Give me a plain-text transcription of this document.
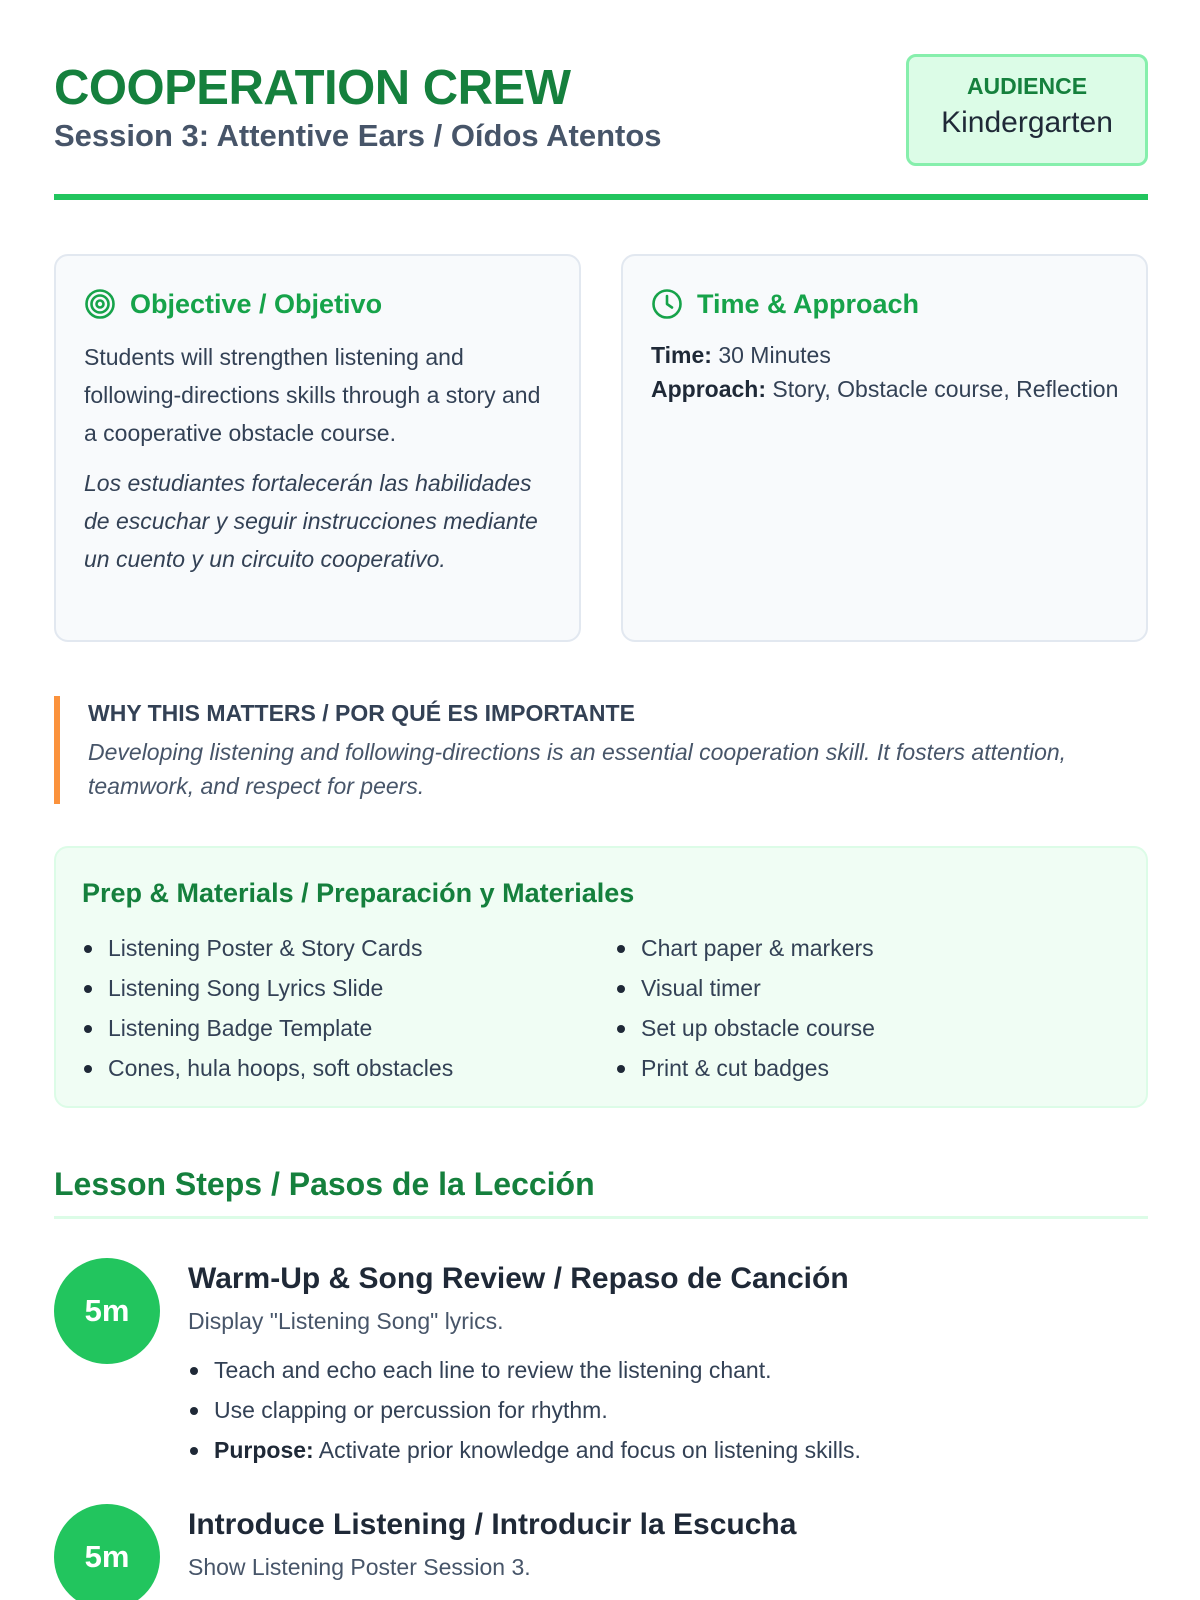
COOPERATION CREW
Session 3: Attentive Ears / Oídos Atentos
AUDIENCE
Kindergarten
Objective / Objetivo

Students will strengthen listening and following-directions skills through a story and a cooperative obstacle course.

Los estudiantes fortalecerán las habilidades de escuchar y seguir instrucciones mediante un cuento y un circuito cooperativo.

Time & Approach
Time: 30 Minutes
Approach: Story, Obstacle course, Reflection
WHY THIS MATTERS / POR QUÉ ES IMPORTANTE
Developing listening and following-directions is an essential cooperation skill. It fosters attention, teamwork, and respect for peers.
Prep & Materials / Preparación y Materiales
Listening Poster & Story Cards
Listening Song Lyrics Slide
Listening Badge Template
Cones, hula hoops, soft obstacles
Chart paper & markers
Visual timer
Set up obstacle course
Print & cut badges
Lesson Steps / Pasos de la Lección
5m
Warm-Up & Song Review / Repaso de Canción
Display "Listening Song" lyrics.
Teach and echo each line to review the listening chant.
Use clapping or percussion for rhythm.
Purpose: Activate prior knowledge and focus on listening skills.
5m
Introduce Listening / Introducir la Escucha
Show Listening Poster Session 3.
